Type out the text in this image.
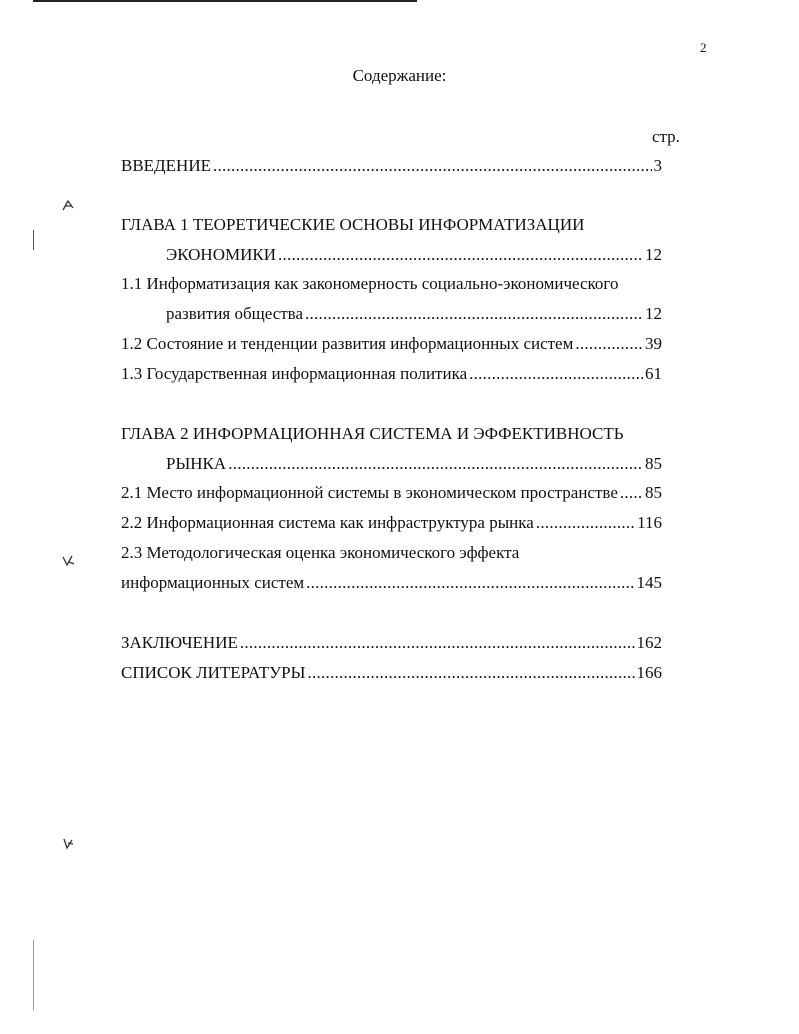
2
Содержание:
стр.
ВВЕДЕНИЕ . . .	3
ГЛАВА 1 ТЕОРЕТИЧЕСКИЕ ОСНОВЫ ИНФОРМАТИЗАЦИИ
ЭКОНОМИКИ . . .	12
1.1 Информатизация как закономерность социально-экономического
развития общества . . .	12
1.2 Состояние и тенденции развития информационных систем . . .	39
1.3 Государственная информационная политика . . .	61
ГЛАВА 2 ИНФОРМАЦИОННАЯ СИСТЕМА И ЭФФЕКТИВНОСТЬ
РЫНКА . . .	85
2.1 Место информационной системы в экономическом пространстве . . . 85
2.2 Информационная система как инфраструктура рынка . . .	116
2.3 Методологическая оценка экономического эффекта
информационных систем . . .	145
ЗАКЛЮЧЕНИЕ . . .	162
СПИСОК ЛИТЕРАТУРЫ . . .	166
